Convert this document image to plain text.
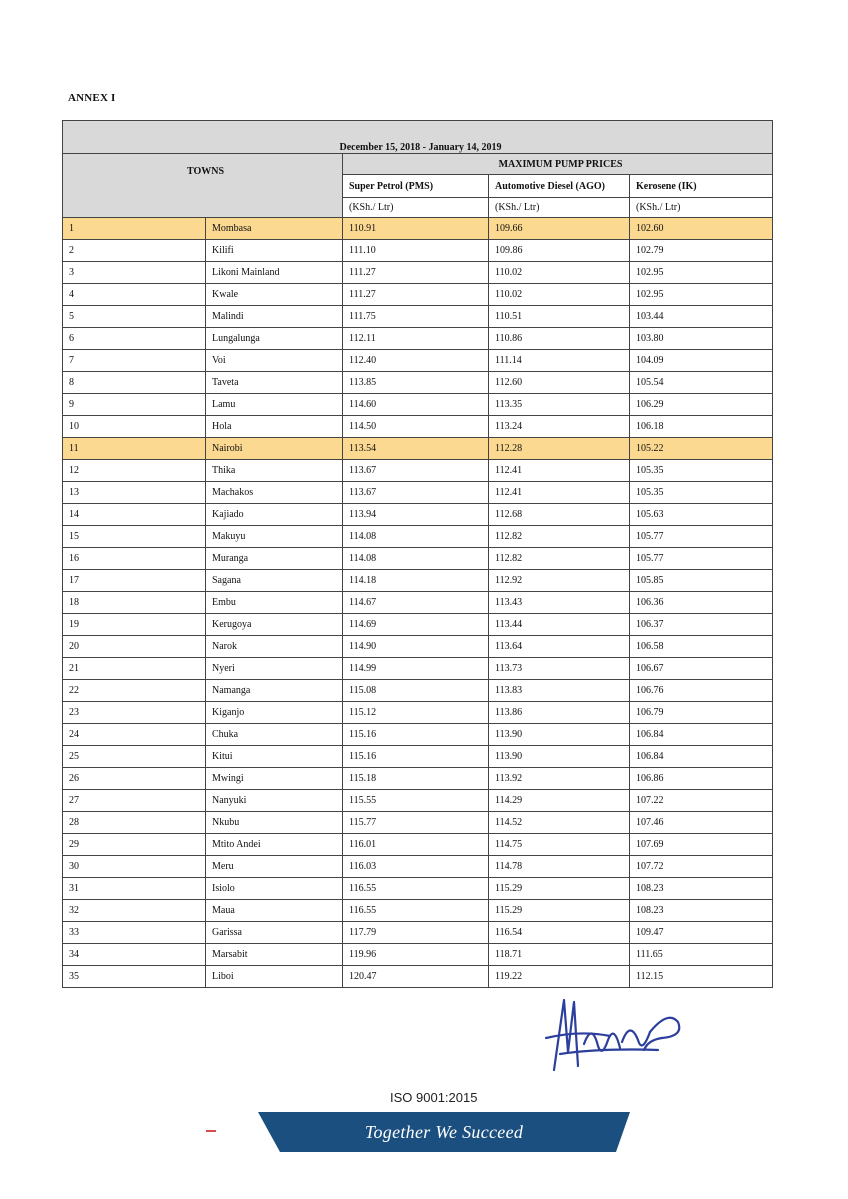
ANNEX I
December 15, 2018 - January 14, 2019				
TOWNS		MAXIMUM PUMP PRICES		
		Super Petrol (PMS)	Automotive Diesel (AGO)	Kerosene (IK)
		(KSh./ Ltr)	(KSh./ Ltr)	(KSh./ Ltr)
1	Mombasa	110.91	109.66	102.60
2	Kilifi	111.10	109.86	102.79
3	Likoni Mainland	111.27	110.02	102.95
4	Kwale	111.27	110.02	102.95
5	Malindi	111.75	110.51	103.44
6	Lungalunga	112.11	110.86	103.80
7	Voi	112.40	111.14	104.09
8	Taveta	113.85	112.60	105.54
9	Lamu	114.60	113.35	106.29
10	Hola	114.50	113.24	106.18
11	Nairobi	113.54	112.28	105.22
12	Thika	113.67	112.41	105.35
13	Machakos	113.67	112.41	105.35
14	Kajiado	113.94	112.68	105.63
15	Makuyu	114.08	112.82	105.77
16	Muranga	114.08	112.82	105.77
17	Sagana	114.18	112.92	105.85
18	Embu	114.67	113.43	106.36
19	Kerugoya	114.69	113.44	106.37
20	Narok	114.90	113.64	106.58
21	Nyeri	114.99	113.73	106.67
22	Namanga	115.08	113.83	106.76
23	Kiganjo	115.12	113.86	106.79
24	Chuka	115.16	113.90	106.84
25	Kitui	115.16	113.90	106.84
26	Mwingi	115.18	113.92	106.86
27	Nanyuki	115.55	114.29	107.22
28	Nkubu	115.77	114.52	107.46
29	Mtito Andei	116.01	114.75	107.69
30	Meru	116.03	114.78	107.72
31	Isiolo	116.55	115.29	108.23
32	Maua	116.55	115.29	108.23
33	Garissa	117.79	116.54	109.47
34	Marsabit	119.96	118.71	111.65
35	Liboi	120.47	119.22	112.15
ISO 9001:2015
Together We Succeed
